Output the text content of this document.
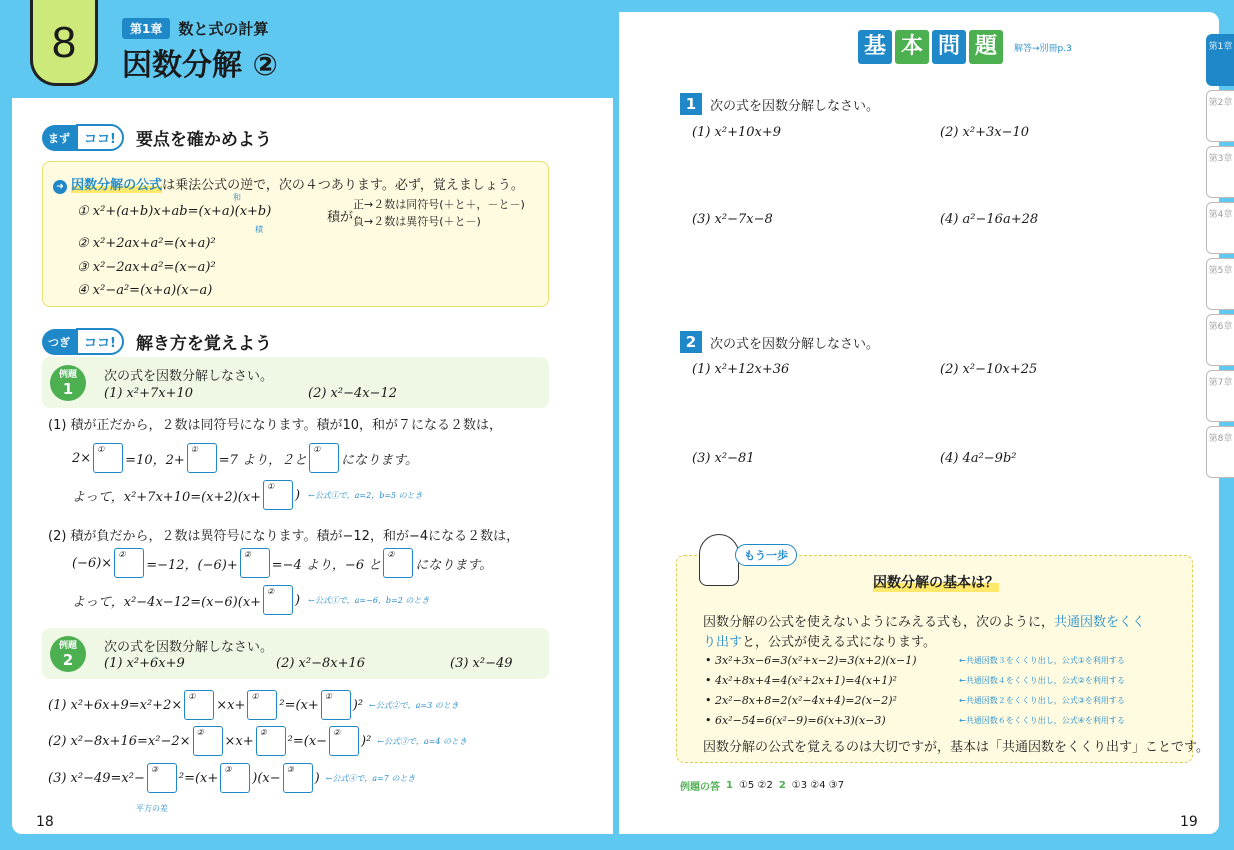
8	第1章	数と式の計算
因数分解 ②
まず	ココ!	要点を確かめよう
➜ 因数分解の公式は乗法公式の逆で，次の４つあります。必ず，覚えましょう。
和
① x²+(a+b)x+ab=(x+a)(x+b)
積
積が
正→２数は同符号(＋と＋，－と－)
負→２数は異符号(＋と－)
② x²+2ax+a²=(x+a)²
③ x²−2ax+a²=(x−a)²
④ x²−a²=(x+a)(x−a)
つぎ	ココ!	解き方を覚えよう
例題
1
次の式を因数分解しなさい。
(1) x²+7x+10	(2) x²−4x−12
(1) 積が正だから，２数は同符号になります。積が10，和が７になる２数は，
2×
①
=10，2+
①
=7 より，２と
①
になります。
よって，x²+7x+10=(x+2)(x+
①
) ←公式①で，a=2，b=5 のとき
(2) 積が負だから，２数は異符号になります。積が−12，和が−4になる２数は，
(−6)×
②
=−12，(−6)+
②
=−4 より，−6 と
②
になります。
よって，x²−4x−12=(x−6)(x+
②
) ←公式①で，a=−6，b=2 のとき
例題
2
次の式を因数分解しなさい。
(1) x²+6x+9	(2) x²−8x+16	(3) x²−49
(1) x²+6x+9=x²+2×
①
×x+
①
²=(x+
①
)² ←公式②で，a=3 のとき
(2) x²−8x+16=x²−2×
②
×x+
②
²=(x−
②
)² ←公式③で，a=4 のとき
(3) x²−49=x²−
③
²=(x+
③
)(x−
③
) ←公式④で，a=7 のとき
平方の差
18
基 本 問 題	解答→別冊p.3
1	次の式を因数分解しなさい。
(1) x²+10x+9	(2) x²+3x−10
(3) x²−7x−8	(4) a²−16a+28
2	次の式を因数分解しなさい。
(1) x²+12x+36	(2) x²−10x+25
(3) x²−81	(4) 4a²−9b²
もう一歩
因数分解の基本は？
因数分解の公式を使えないようにみえる式も，次のように，共通因数をくく
り出すと，公式が使える式になります。
• 3x²+3x−6=3(x²+x−2)=3(x+2)(x−1)	←共通因数３をくくり出し，公式①を利用する
• 4x²+8x+4=4(x²+2x+1)=4(x+1)²	←共通因数４をくくり出し，公式②を利用する
• 2x²−8x+8=2(x²−4x+4)=2(x−2)²	←共通因数２をくくり出し，公式③を利用する
• 6x²−54=6(x²−9)=6(x+3)(x−3)	←共通因数６をくくり出し，公式④を利用する
因数分解の公式を覚えるのは大切ですが，基本は「共通因数をくくり出す」ことです。
例題の答 1 ①5 ②2 2 ①3 ②4 ③7
19
第1章
第2章
第3章
第4章
第5章
第6章
第7章
第8章
